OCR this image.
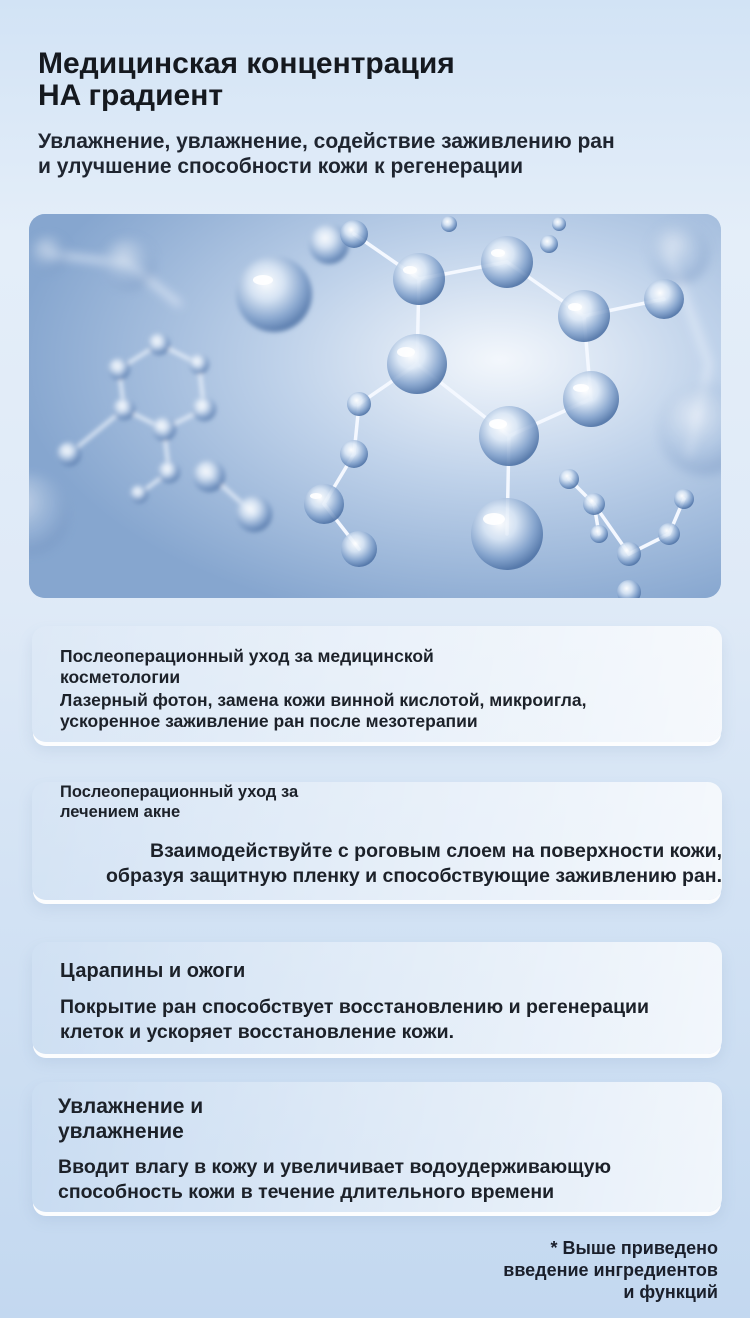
Медицинская концентрация
HA градиент

Увлажнение, увлажнение, содействие заживлению ран
и улучшение способности кожи к регенерации

Послеоперационный уход за медицинской
косметологии

Лазерный фотон, замена кожи винной кислотой, микроигла,
ускоренное заживление ран после мезотерапии

Послеоперационный уход за
лечением акне

Взаимодействуйте с роговым слоем на поверхности кожи,
образуя защитную пленку и способствующие заживлению ран.

Царапины и ожоги

Покрытие ран способствует восстановлению и регенерации
клеток и ускоряет восстановление кожи.

Увлажнение и
увлажнение

Вводит влагу в кожу и увеличивает водоудерживающую
способность кожи в течение длительного времени

* Выше приведено
введение ингредиентов
и функций
